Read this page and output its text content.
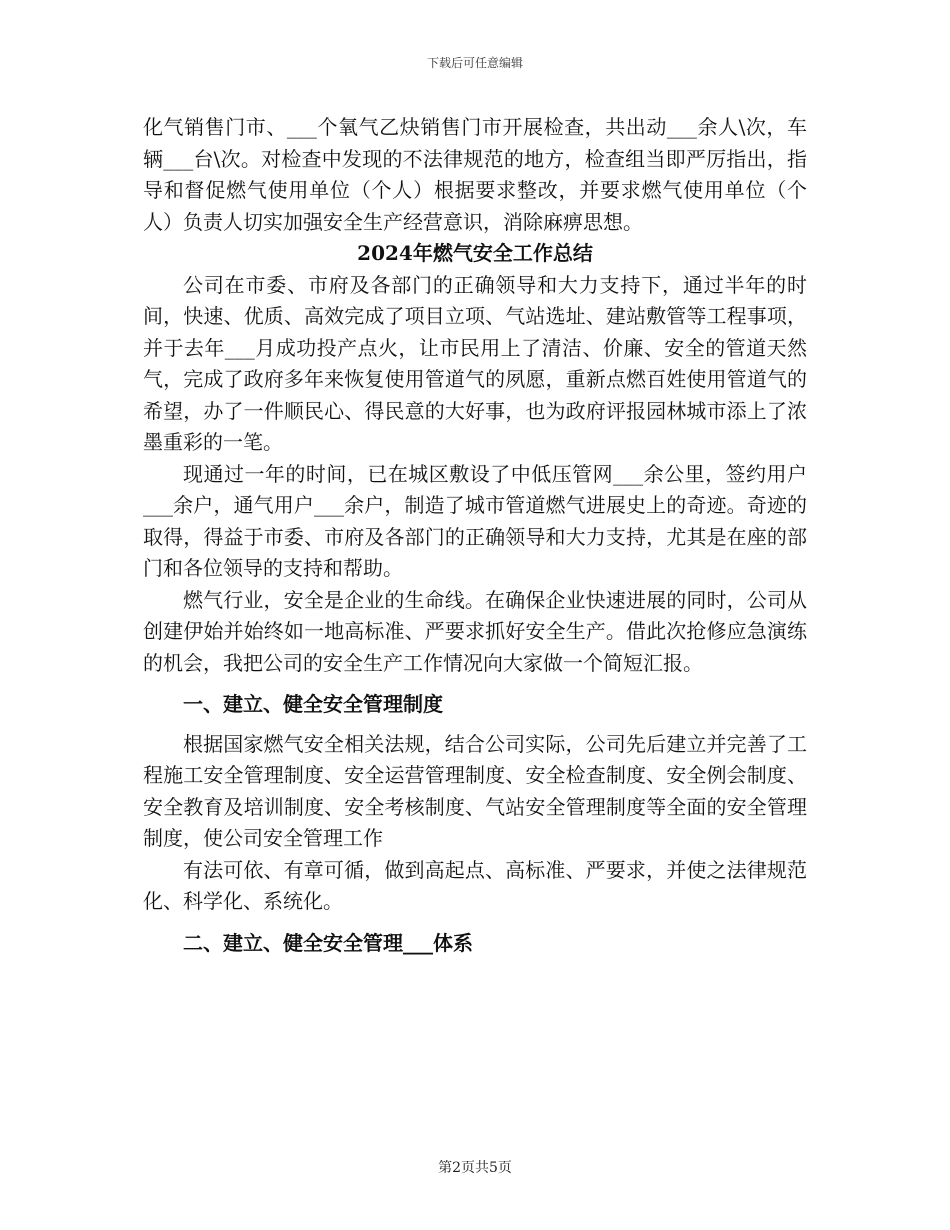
下载后可任意编辑

化气销售门市、___个氧气乙炔销售门市开展检查，共出动___余人\次，车辆___台\次。对检查中发现的不法律规范的地方，检查组当即严厉指出，指导和督促燃气使用单位（个人）根据要求整改，并要求燃气使用单位（个人）负责人切实加强安全生产经营意识，消除麻痹思想。

2024年燃气安全工作总结

公司在市委、市府及各部门的正确领导和大力支持下，通过半年的时间，快速、优质、高效完成了项目立项、气站选址、建站敷管等工程事项，并于去年___月成功投产点火，让市民用上了清洁、价廉、安全的管道天然气，完成了政府多年来恢复使用管道气的夙愿，重新点燃百姓使用管道气的希望，办了一件顺民心、得民意的大好事，也为政府评报园林城市添上了浓墨重彩的一笔。

现通过一年的时间，已在城区敷设了中低压管网___余公里，签约用户___余户，通气用户___余户，制造了城市管道燃气进展史上的奇迹。奇迹的取得，得益于市委、市府及各部门的正确领导和大力支持，尤其是在座的部门和各位领导的支持和帮助。

燃气行业，安全是企业的生命线。在确保企业快速进展的同时，公司从创建伊始并始终如一地高标准、严要求抓好安全生产。借此次抢修应急演练的机会，我把公司的安全生产工作情况向大家做一个简短汇报。

一、建立、健全安全管理制度

根据国家燃气安全相关法规，结合公司实际，公司先后建立并完善了工程施工安全管理制度、安全运营管理制度、安全检查制度、安全例会制度、安全教育及培训制度、安全考核制度、气站安全管理制度等全面的安全管理制度，使公司安全管理工作

有法可依、有章可循，做到高起点、高标准、严要求，并使之法律规范化、科学化、系统化。

二、建立、健全安全管理___体系

第2页共5页
